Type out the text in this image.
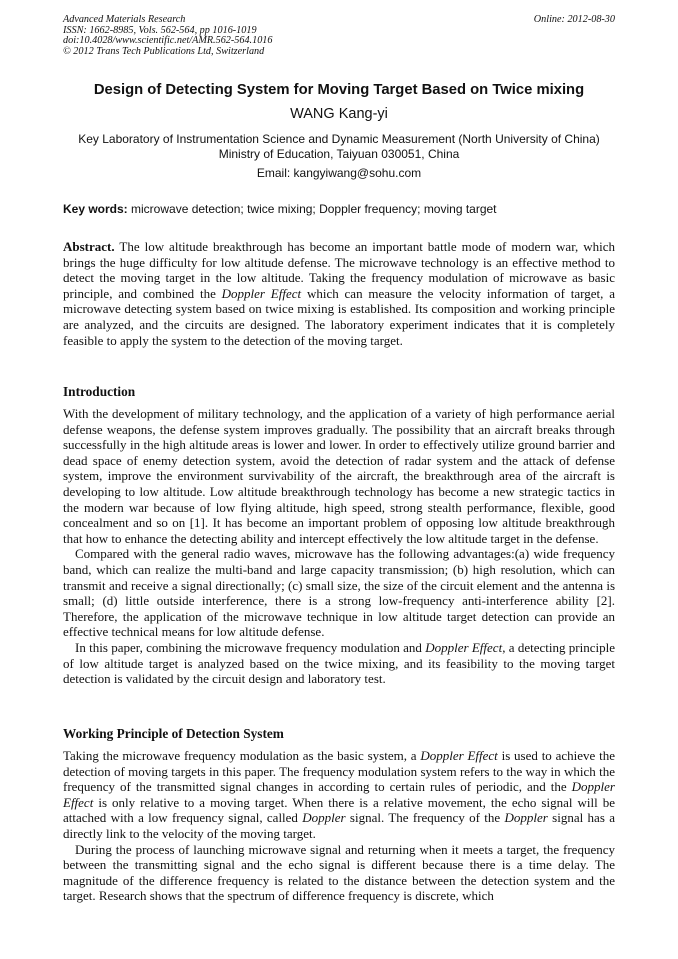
Advanced Materials Research
ISSN: 1662-8985, Vols. 562-564, pp 1016-1019
doi:10.4028/www.scientific.net/AMR.562-564.1016
© 2012 Trans Tech Publications Ltd, Switzerland
Online: 2012-08-30
Design of Detecting System for Moving Target Based on Twice mixing
WANG Kang-yi
Key Laboratory of Instrumentation Science and Dynamic Measurement (North University of China)
Ministry of Education, Taiyuan 030051, China
Email: kangyiwang@sohu.com
Key words: microwave detection; twice mixing; Doppler frequency; moving target

Abstract. The low altitude breakthrough has become an important battle mode of modern war, which brings the huge difficulty for low altitude defense. The microwave technology is an effective method to detect the moving target in the low altitude. Taking the frequency modulation of microwave as basic principle, and combined the Doppler Effect which can measure the velocity information of target, a microwave detecting system based on twice mixing is established. Its composition and working principle are analyzed, and the circuits are designed. The laboratory experiment indicates that it is completely feasible to apply the system to the detection of the moving target.

Introduction

With the development of military technology, and the application of a variety of high performance aerial defense weapons, the defense system improves gradually. The possibility that an aircraft breaks through successfully in the high altitude areas is lower and lower. In order to effectively utilize ground barrier and dead space of enemy detection system, avoid the detection of radar system and the attack of defense system, improve the environment survivability of the aircraft, the breakthrough area of the aircraft is developing to low altitude. Low altitude breakthrough technology has become a new strategic tactics in the modern war because of low flying altitude, high speed, strong stealth performance, flexible, good concealment and so on [1]. It has become an important problem of opposing low altitude breakthrough that how to enhance the detecting ability and intercept effectively the low altitude target in the defense.

Compared with the general radio waves, microwave has the following advantages:(a) wide frequency band, which can realize the multi-band and large capacity transmission; (b) high resolution, which can transmit and receive a signal directionally; (c) small size, the size of the circuit element and the antenna is small; (d) little outside interference, there is a strong low-frequency anti-interference ability [2]. Therefore, the application of the microwave technique in low altitude target detection can provide an effective technical means for low altitude defense.

In this paper, combining the microwave frequency modulation and Doppler Effect, a detecting principle of low altitude target is analyzed based on the twice mixing, and its feasibility to the moving target detection is validated by the circuit design and laboratory test.

Working Principle of Detection System

Taking the microwave frequency modulation as the basic system, a Doppler Effect is used to achieve the detection of moving targets in this paper. The frequency modulation system refers to the way in which the frequency of the transmitted signal changes in according to certain rules of periodic, and the Doppler Effect is only relative to a moving target. When there is a relative movement, the echo signal will be attached with a low frequency signal, called Doppler signal. The frequency of the Doppler signal has a directly link to the velocity of the moving target.

During the process of launching microwave signal and returning when it meets a target, the frequency between the transmitting signal and the echo signal is different because there is a time delay. The magnitude of the difference frequency is related to the distance between the detection system and the target. Research shows that the spectrum of difference frequency is discrete, which
